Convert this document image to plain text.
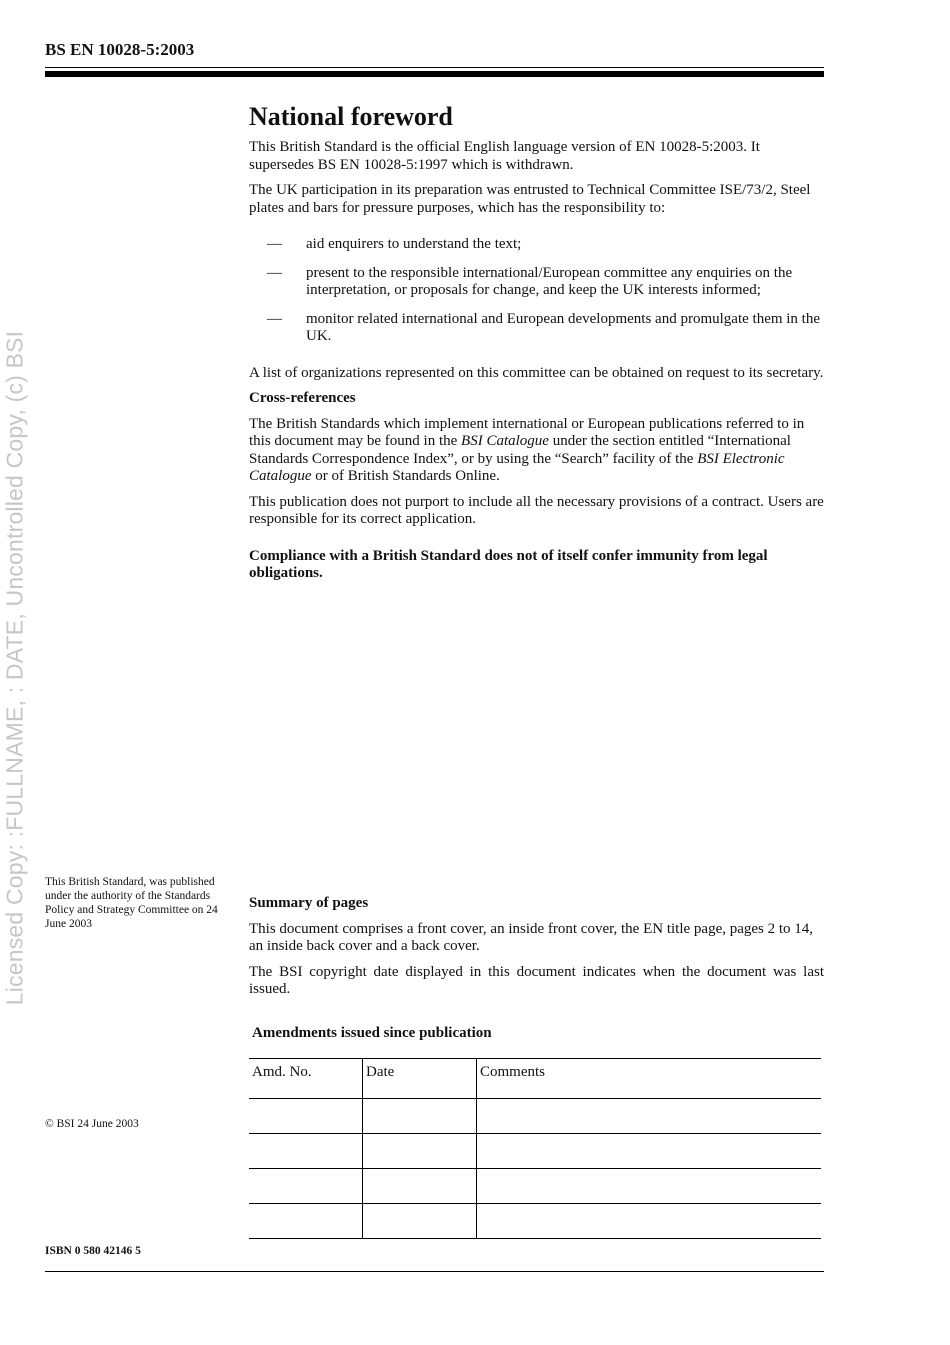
BS EN 10028-5:2003
Licensed Copy: :FULLNAME, : DATE, Uncontrolled Copy, (c) BSI
National foreword

This British Standard is the official English language version of EN 10028-5:2003. It supersedes BS EN 10028-5:1997 which is withdrawn.

The UK participation in its preparation was entrusted to Technical Committee ISE/73/2, Steel plates and bars for pressure purposes, which has the responsibility to:

— aid enquirers to understand the text;
— present to the responsible international/European committee any enquiries on the interpretation, or proposals for change, and keep the UK interests informed;
— monitor related international and European developments and promulgate them in the UK.

A list of organizations represented on this committee can be obtained on request to its secretary.

Cross-references

The British Standards which implement international or European publications referred to in this document may be found in the BSI Catalogue under the section entitled “International Standards Correspondence Index”, or by using the “Search” facility of the BSI Electronic Catalogue or of British Standards Online.

This publication does not purport to include all the necessary provisions of a contract. Users are responsible for its correct application.

Compliance with a British Standard does not of itself confer immunity from legal obligations.

This British Standard, was published under the authority of the Standards Policy and Strategy Committee on 24 June 2003

Summary of pages

This document comprises a front cover, an inside front cover, the EN title page, pages 2 to 14, an inside back cover and a back cover.

The BSI copyright date displayed in this document indicates when the document was last issued.

Amendments issued since publication
Amd. No.	Date	Comments

© BSI 24 June 2003
ISBN 0 580 42146 5
